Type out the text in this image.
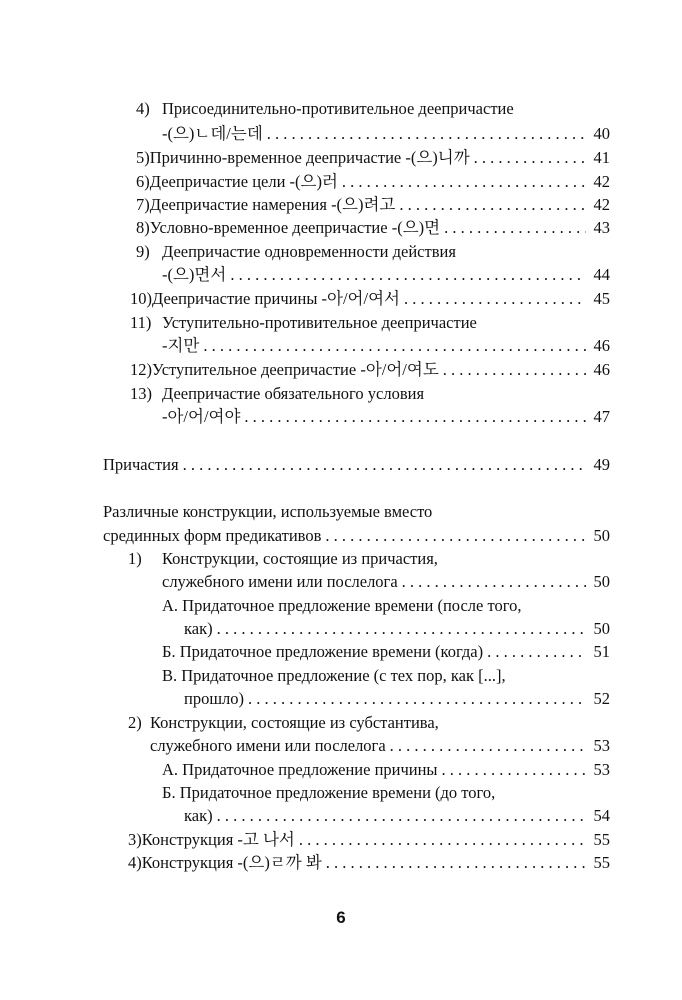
4) Присоединительно-противительное деепричастие
-(으)ㄴ데/는데 . . .	40
5) Причинно-временное деепричастие -(으)니까 . . .	41
6) Деепричастие цели -(으)러 . . .	42
7) Деепричастие намерения -(으)려고 . . .	42
8) Условно-временное деепричастие -(으)면 . . .	43
9) Деепричастие одновременности действия
-(으)면서 . . .	44
10) Деепричастие причины -아/어/여서 . . .	45
11) Уступительно-противительное деепричастие
-지만 . . .	46
12) Уступительное деепричастие -아/어/여도 . . .	46
13) Деепричастие обязательного условия
-아/어/여야 . . .	47
Причастия . . .	49
Различные конструкции, используемые вместо
срединных форм предикативов . . .	50
1) Конструкции, состоящие из причастия,
служебного имени или послелога . . .	50
А. Придаточное предложение времени (после того,
как) . . .	50
Б. Придаточное предложение времени (когда) . . .	51
В. Придаточное предложение (с тех пор, как [...],
прошло) . . .	52
2) Конструкции, состоящие из субстантива,
служебного имени или послелога . . .	53
А. Придаточное предложение причины . . .	53
Б. Придаточное предложение времени (до того,
как) . . .	54
3) Конструкция -고 나서 . . .	55
4) Конструкция -(으)ㄹ까 봐 . . .	55
6
